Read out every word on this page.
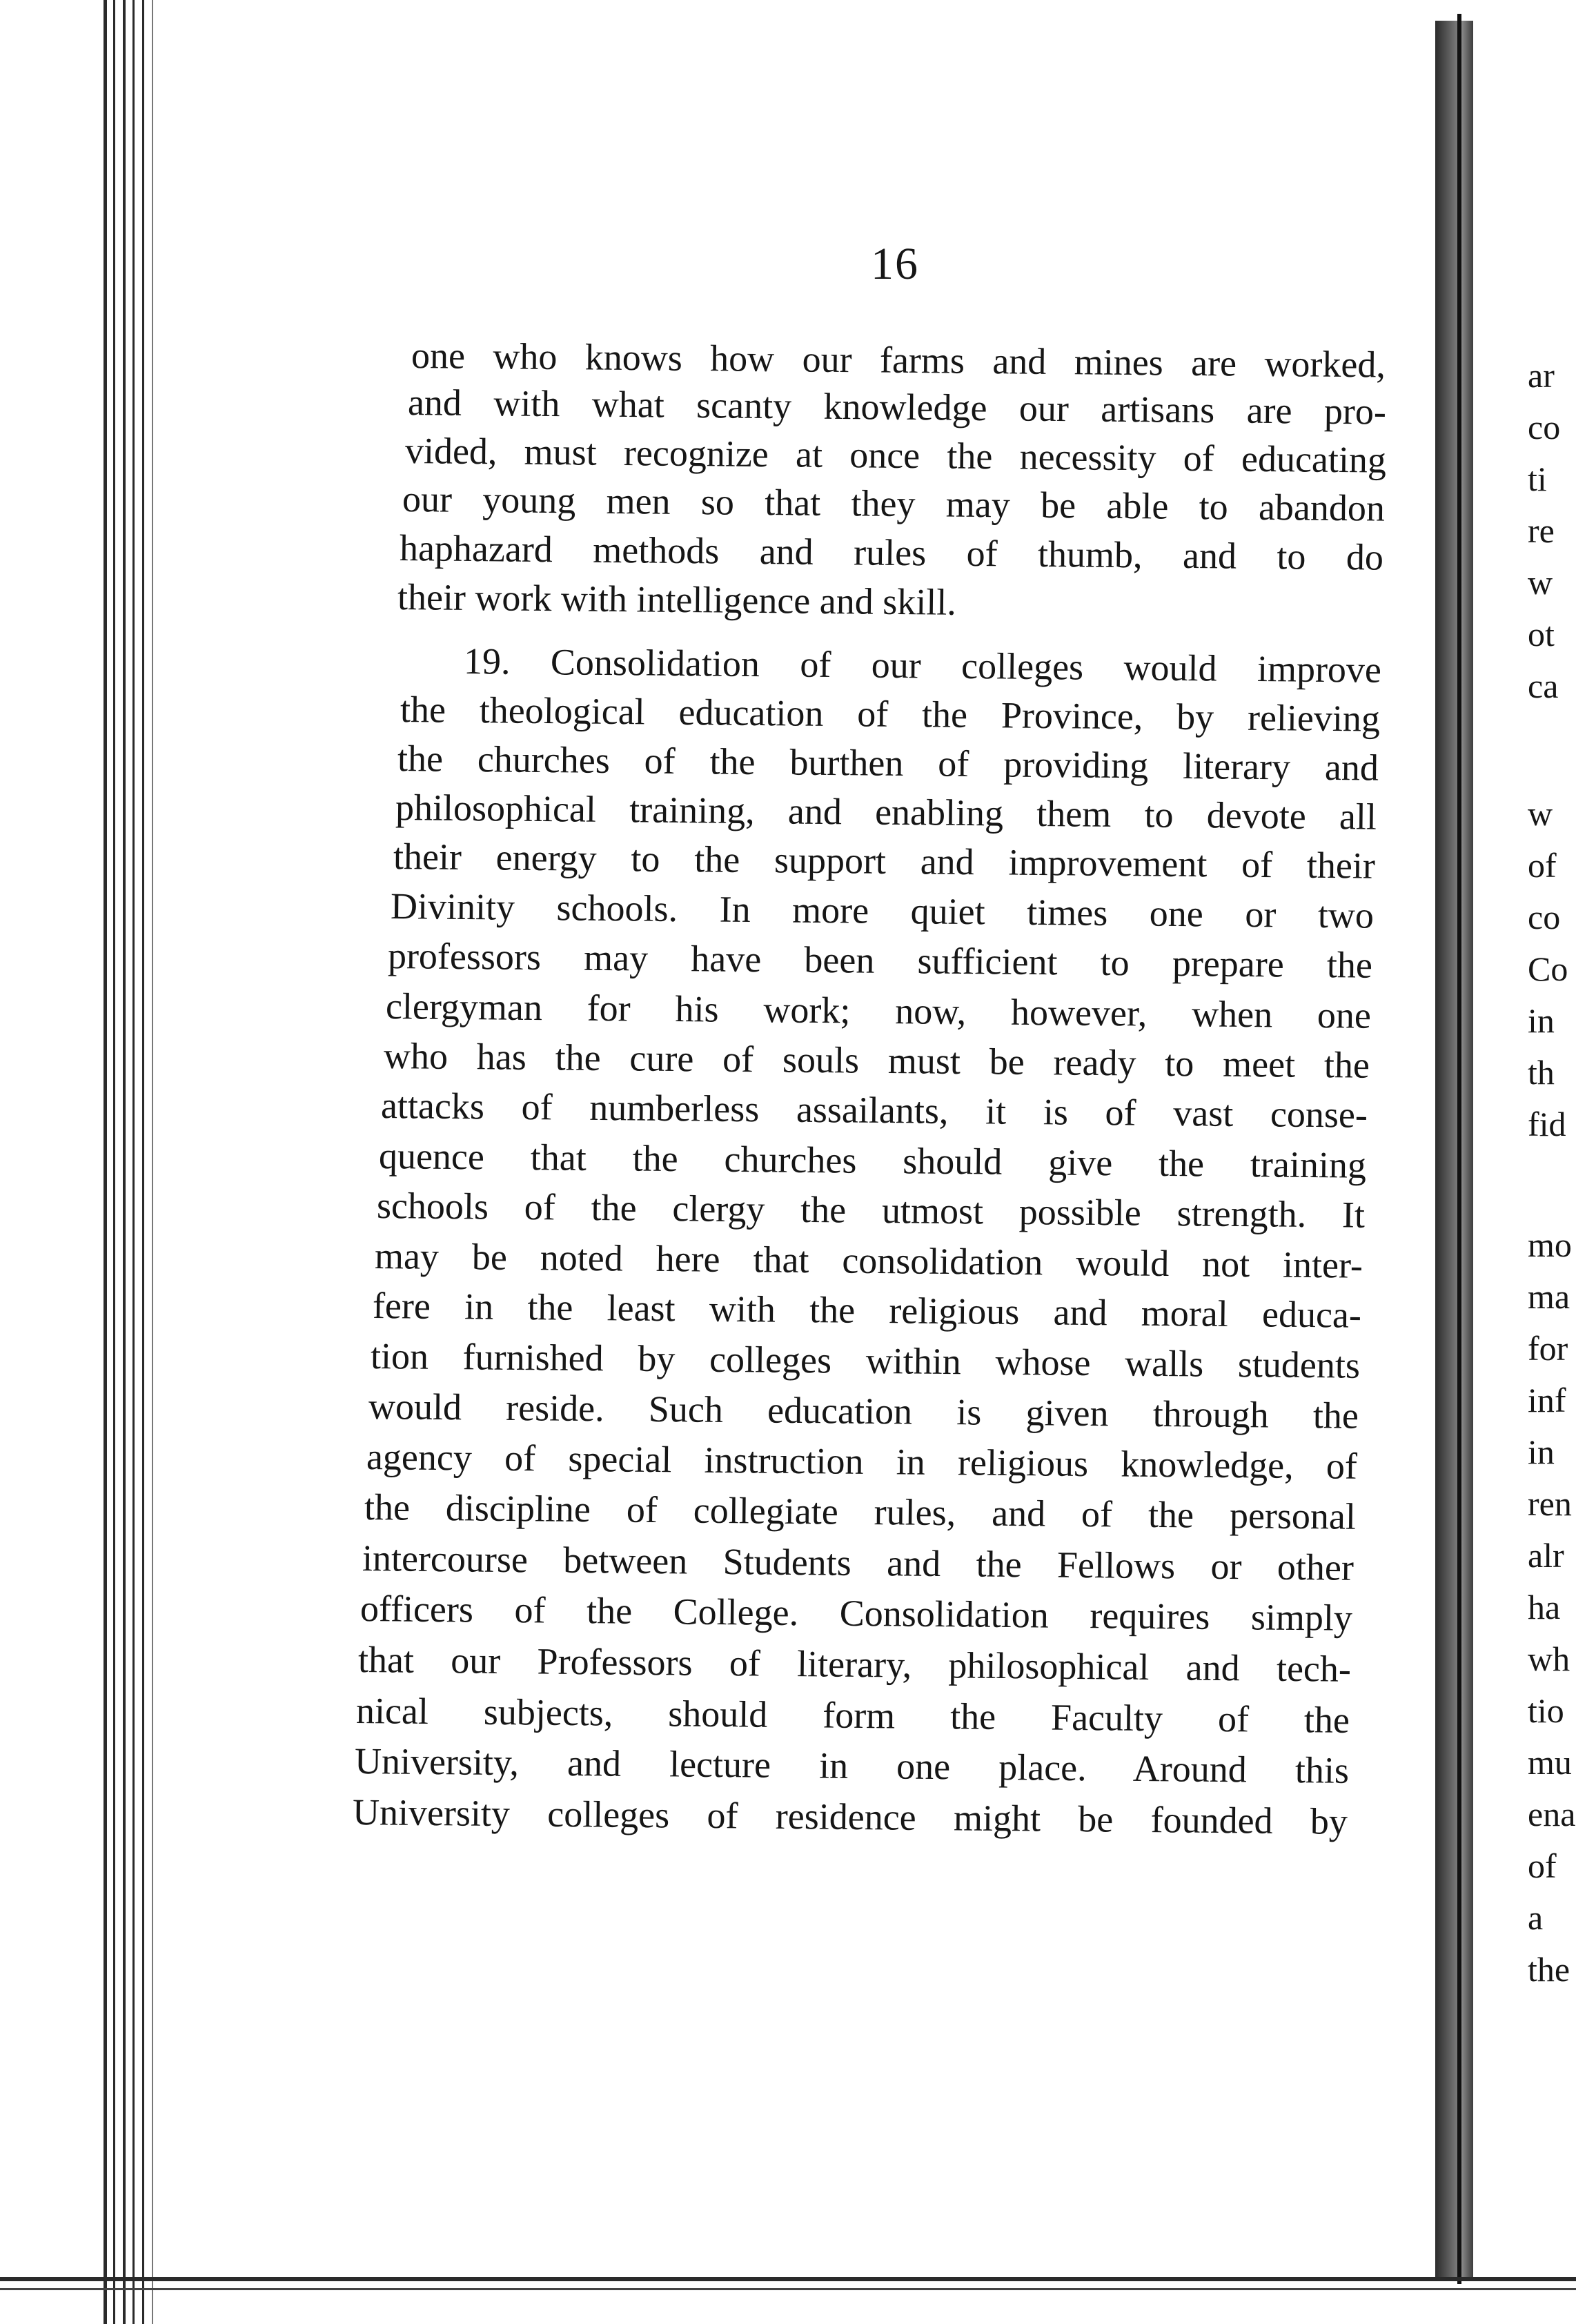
16
one who knows how our farms and mines are worked,
and with what scanty knowledge our artisans are pro-
vided, must recognize at once the necessity of educating
our young men so that they may be able to abandon
haphazard methods and rules of thumb, and to do
their work with intelligence and skill.
19. Consolidation of our colleges would improve
the theological education of the Province, by relieving
the churches of the burthen of providing literary and
philosophical training, and enabling them to devote all
their energy to the support and improvement of their
Divinity schools. In more quiet times one or two
professors may have been sufficient to prepare the
clergyman for his work; now, however, when one
who has the cure of souls must be ready to meet the
attacks of numberless assailants, it is of vast conse-
quence that the churches should give the training
schools of the clergy the utmost possible strength. It
may be noted here that consolidation would not inter-
fere in the least with the religious and moral educa-
tion furnished by colleges within whose walls students
would reside. Such education is given through the
agency of special instruction in religious knowledge, of
the discipline of collegiate rules, and of the personal
intercourse between Students and the Fellows or other
officers of the College. Consolidation requires simply
that our Professors of literary, philosophical and tech-
nical subjects, should form the Faculty of the
University, and lecture in one place. Around this
University colleges of residence might be founded by
ar
co
ti
re
w
ot
ca
w
of
co
Co
in
th
fid
mo
ma
for
inf
in
ren
alr
ha
wh
tio
mu
ena
of
a
the
